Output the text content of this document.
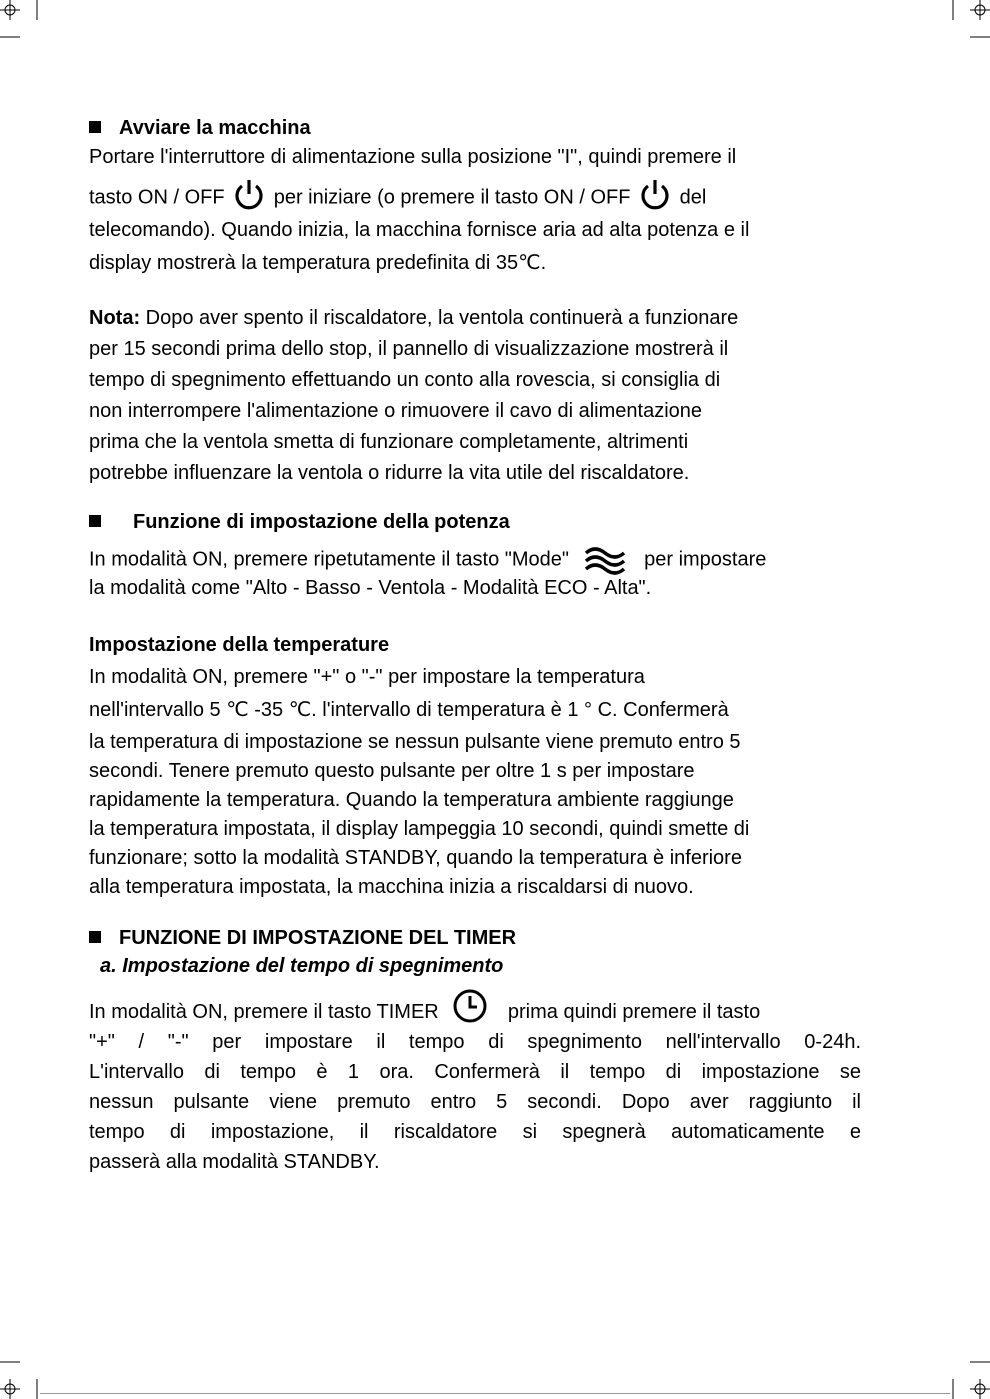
Avviare la macchina
Portare l'interruttore di alimentazione sulla posizione "I", quindi premere il
tasto ON / OFF per iniziare (o premere il tasto ON / OFF del
telecomando). Quando inizia, la macchina fornisce aria ad alta potenza e il
display mostrerà la temperatura predefinita di 35℃.
Nota: Dopo aver spento il riscaldatore, la ventola continuerà a funzionare
per 15 secondi prima dello stop, il pannello di visualizzazione mostrerà il
tempo di spegnimento effettuando un conto alla rovescia, si consiglia di
non interrompere l'alimentazione o rimuovere il cavo di alimentazione
prima che la ventola smetta di funzionare completamente, altrimenti
potrebbe influenzare la ventola o ridurre la vita utile del riscaldatore.
Funzione di impostazione della potenza
In modalità ON, premere ripetutamente il tasto "Mode"	per impostare
la modalità come "Alto - Basso - Ventola - Modalità ECO - Alta".
Impostazione della temperature
In modalità ON, premere "+" o "-" per impostare la temperatura
nell'intervallo 5 ℃ -35 ℃. l'intervallo di temperatura è 1 ° C. Confermerà
la temperatura di impostazione se nessun pulsante viene premuto entro 5
secondi. Tenere premuto questo pulsante per oltre 1 s per impostare
rapidamente la temperatura. Quando la temperatura ambiente raggiunge
la temperatura impostata, il display lampeggia 10 secondi, quindi smette di
funzionare; sotto la modalità STANDBY, quando la temperatura è inferiore
alla temperatura impostata, la macchina inizia a riscaldarsi di nuovo.
FUNZIONE DI IMPOSTAZIONE DEL TIMER
a. Impostazione del tempo di spegnimento
In modalità ON, premere il tasto TIMER	prima quindi premere il tasto
"+" / "-" per impostare il tempo di spegnimento nell'intervallo 0-24h.
L'intervallo di tempo è 1 ora. Confermerà il tempo di impostazione se
nessun pulsante viene premuto entro 5 secondi. Dopo aver raggiunto il
tempo di impostazione, il riscaldatore si spegnerà automaticamente e
passerà alla modalità STANDBY.
